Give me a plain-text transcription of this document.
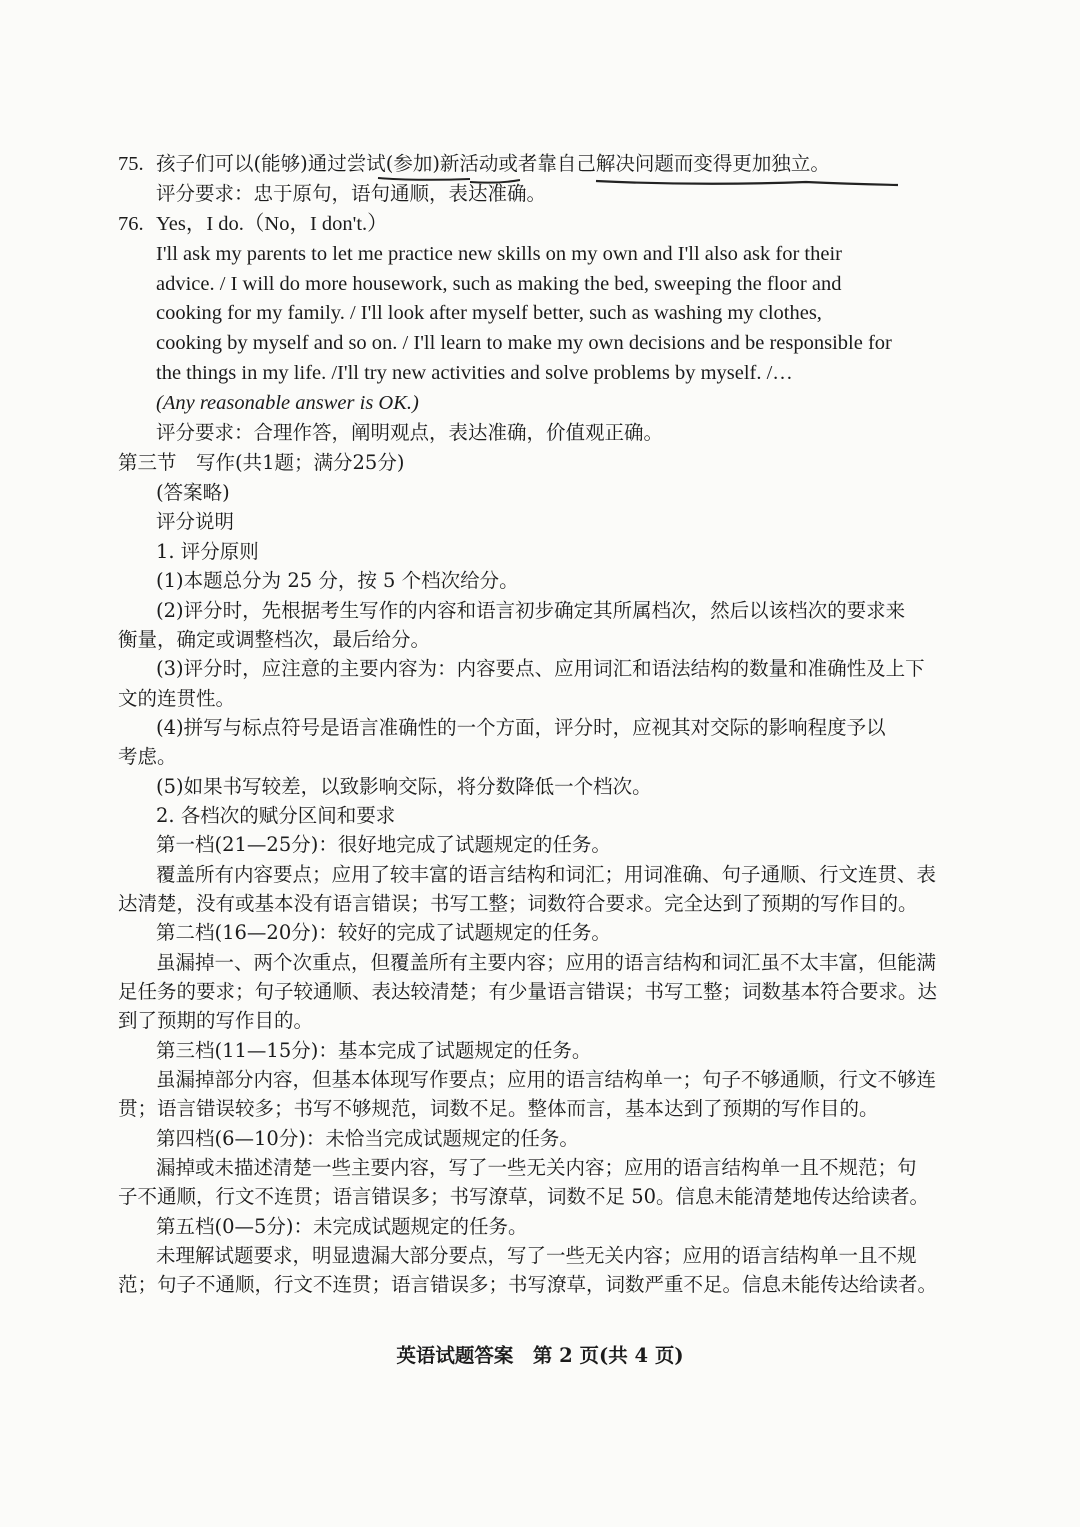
75. 孩子们可以(能够)通过尝试(参加)新活动或者靠自己解决问题而变得更加独立。
评分要求：忠于原句，语句通顺，表达准确。
76. Yes，I do.（No，I don't.）
I'll ask my parents to let me practice new skills on my own and I'll also ask for their
advice. / I will do more housework, such as making the bed, sweeping the floor and
cooking for my family. / I'll look after myself better, such as washing my clothes,
cooking by myself and so on. / I'll learn to make my own decisions and be responsible for
the things in my life. /I'll try new activities and solve problems by myself. /…
(Any reasonable answer is OK.)
评分要求：合理作答，阐明观点，表达准确，价值观正确。
第三节　写作(共1题；满分25分)
(答案略)
评分说明
1. 评分原则
(1)本题总分为 25 分，按 5 个档次给分。
(2)评分时，先根据考生写作的内容和语言初步确定其所属档次，然后以该档次的要求来
衡量，确定或调整档次，最后给分。
(3)评分时，应注意的主要内容为：内容要点、应用词汇和语法结构的数量和准确性及上下
文的连贯性。
(4)拼写与标点符号是语言准确性的一个方面，评分时，应视其对交际的影响程度予以
考虑。
(5)如果书写较差，以致影响交际，将分数降低一个档次。
2. 各档次的赋分区间和要求
第一档(21—25分)：很好地完成了试题规定的任务。
覆盖所有内容要点；应用了较丰富的语言结构和词汇；用词准确、句子通顺、行文连贯、表
达清楚，没有或基本没有语言错误；书写工整；词数符合要求。完全达到了预期的写作目的。
第二档(16—20分)：较好的完成了试题规定的任务。
虽漏掉一、两个次重点，但覆盖所有主要内容；应用的语言结构和词汇虽不太丰富，但能满
足任务的要求；句子较通顺、表达较清楚；有少量语言错误；书写工整；词数基本符合要求。达
到了预期的写作目的。
第三档(11—15分)：基本完成了试题规定的任务。
虽漏掉部分内容，但基本体现写作要点；应用的语言结构单一；句子不够通顺，行文不够连
贯；语言错误较多；书写不够规范，词数不足。整体而言，基本达到了预期的写作目的。
第四档(6—10分)：未恰当完成试题规定的任务。
漏掉或未描述清楚一些主要内容，写了一些无关内容；应用的语言结构单一且不规范；句
子不通顺，行文不连贯；语言错误多；书写潦草，词数不足 50。信息未能清楚地传达给读者。
第五档(0—5分)：未完成试题规定的任务。
未理解试题要求，明显遗漏大部分要点，写了一些无关内容；应用的语言结构单一且不规
范；句子不通顺，行文不连贯；语言错误多；书写潦草，词数严重不足。信息未能传达给读者。
英语试题答案　第 2 页(共 4 页)
